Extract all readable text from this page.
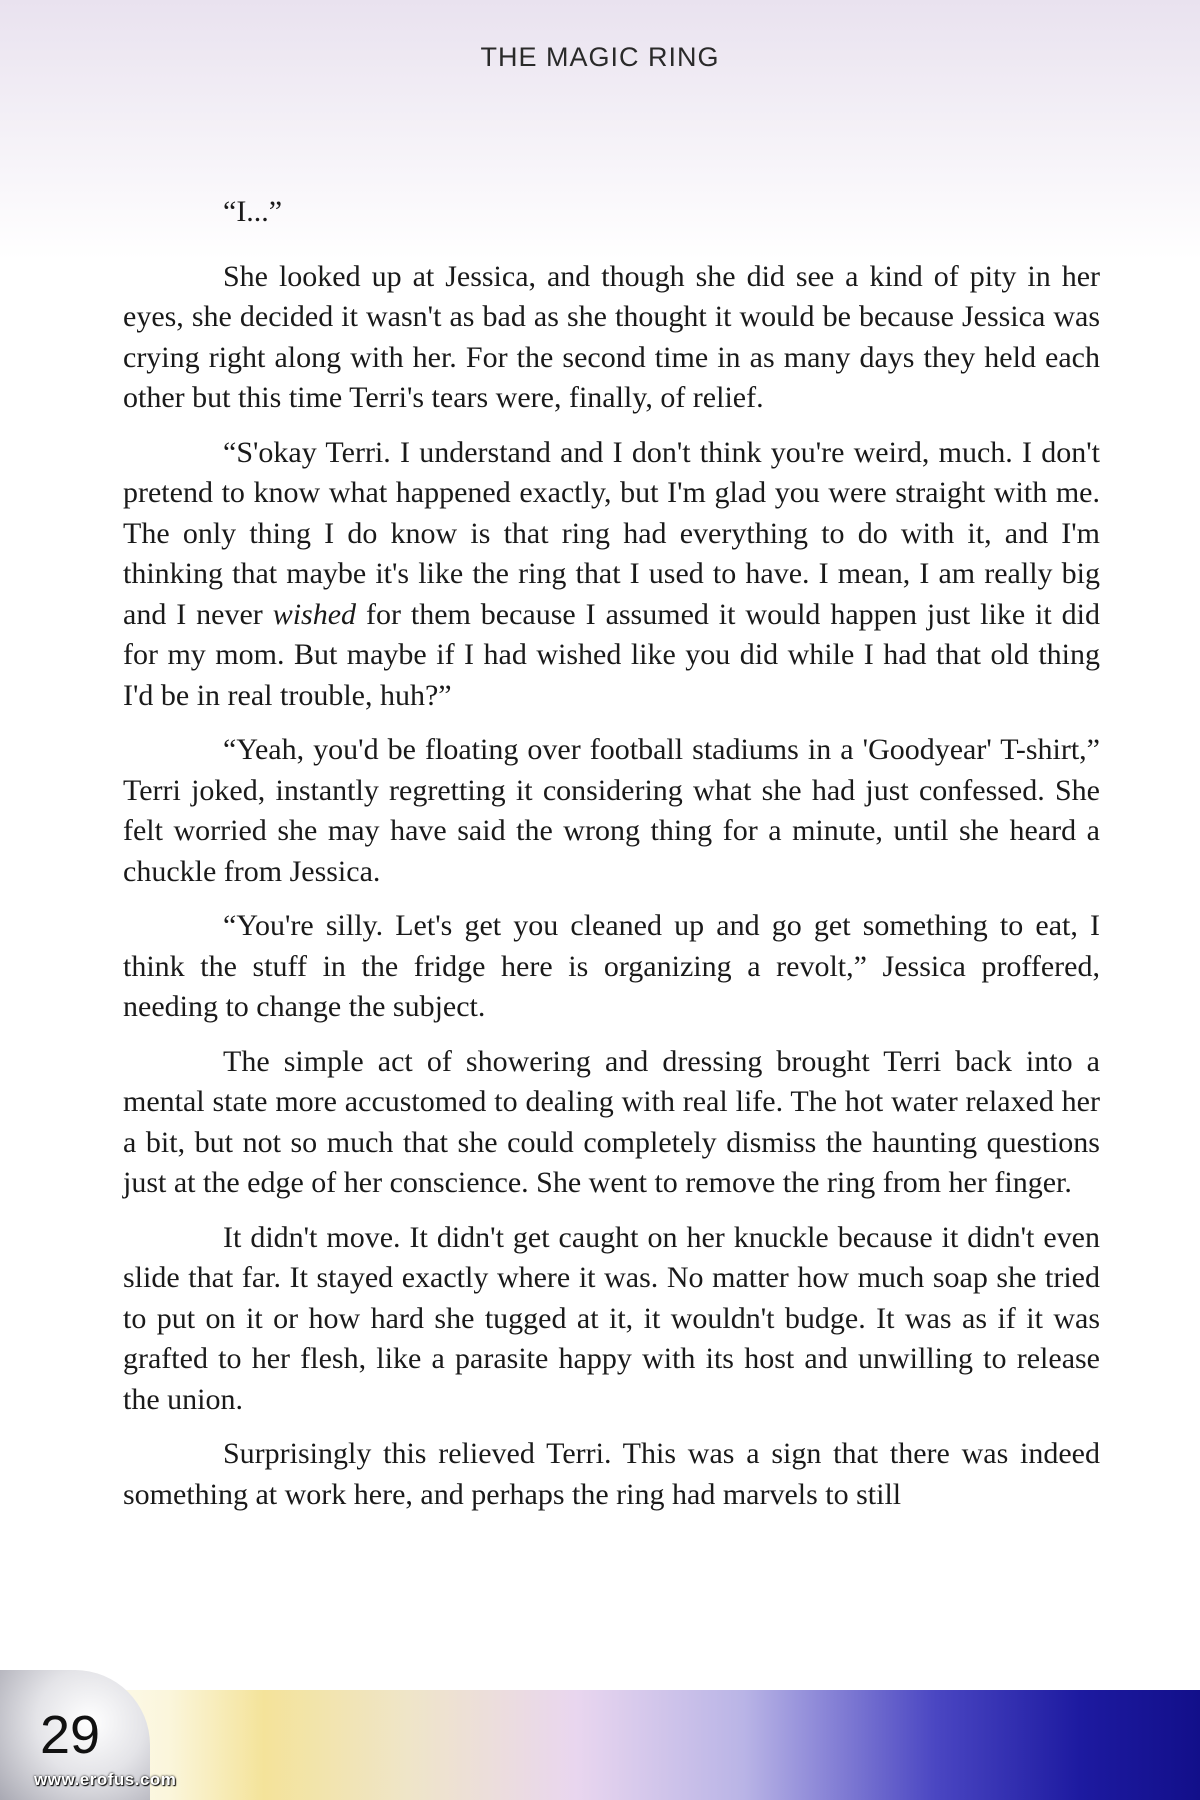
THE MAGIC RING

“I...”

She looked up at Jessica, and though she did see a kind of pity in her eyes, she decided it wasn't as bad as she thought it would be because Jessica was crying right along with her. For the second time in as many days they held each other but this time Terri's tears were, finally, of relief.

“S'okay Terri. I understand and I don't think you're weird, much. I don't pretend to know what happened exactly, but I'm glad you were straight with me. The only thing I do know is that ring had everything to do with it, and I'm thinking that maybe it's like the ring that I used to have. I mean, I am really big and I never wished for them because I assumed it would happen just like it did for my mom. But maybe if I had wished like you did while I had that old thing I'd be in real trouble, huh?”

“Yeah, you'd be floating over football stadiums in a 'Goodyear' T-shirt,” Terri joked, instantly regretting it considering what she had just confessed. She felt worried she may have said the wrong thing for a minute, until she heard a chuckle from Jessica.

“You're silly. Let's get you cleaned up and go get something to eat, I think the stuff in the fridge here is organizing a revolt,” Jessica proffered, needing to change the subject.

The simple act of showering and dressing brought Terri back into a mental state more accustomed to dealing with real life. The hot water relaxed her a bit, but not so much that she could completely dismiss the haunting questions just at the edge of her conscience. She went to remove the ring from her finger.

It didn't move. It didn't get caught on her knuckle because it didn't even slide that far. It stayed exactly where it was. No matter how much soap she tried to put on it or how hard she tugged at it, it wouldn't budge. It was as if it was grafted to her flesh, like a parasite happy with its host and unwilling to release the union.

Surprisingly this relieved Terri. This was a sign that there was indeed something at work here, and perhaps the ring had marvels to still

29
www.erofus.com
